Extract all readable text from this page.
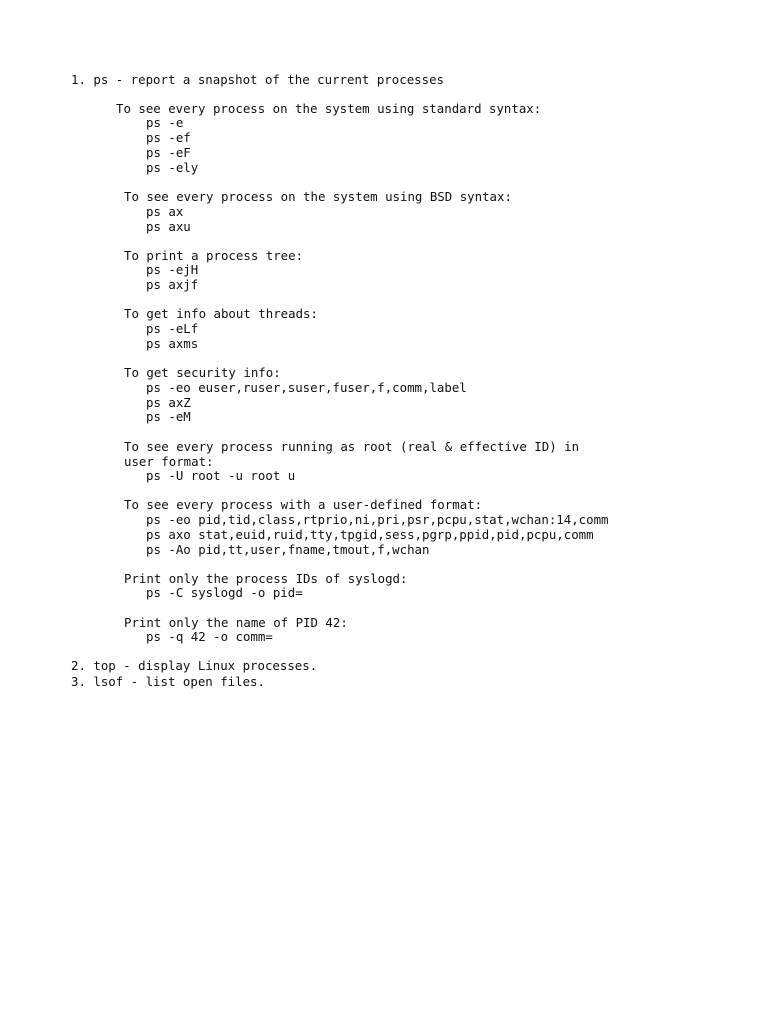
1. ps - report a snapshot of the current processes
To see every process on the system using standard syntax:
ps -e
ps -ef
ps -eF
ps -ely
To see every process on the system using BSD syntax:
ps ax
ps axu
To print a process tree:
ps -ejH
ps axjf
To get info about threads:
ps -eLf
ps axms
To get security info:
ps -eo euser,ruser,suser,fuser,f,comm,label
ps axZ
ps -eM
To see every process running as root (real & effective ID) in
user format:
ps -U root -u root u
To see every process with a user-defined format:
ps -eo pid,tid,class,rtprio,ni,pri,psr,pcpu,stat,wchan:14,comm
ps axo stat,euid,ruid,tty,tpgid,sess,pgrp,ppid,pid,pcpu,comm
ps -Ao pid,tt,user,fname,tmout,f,wchan
Print only the process IDs of syslogd:
ps -C syslogd -o pid=
Print only the name of PID 42:
ps -q 42 -o comm=
2. top - display Linux processes.
3. lsof - list open files.
